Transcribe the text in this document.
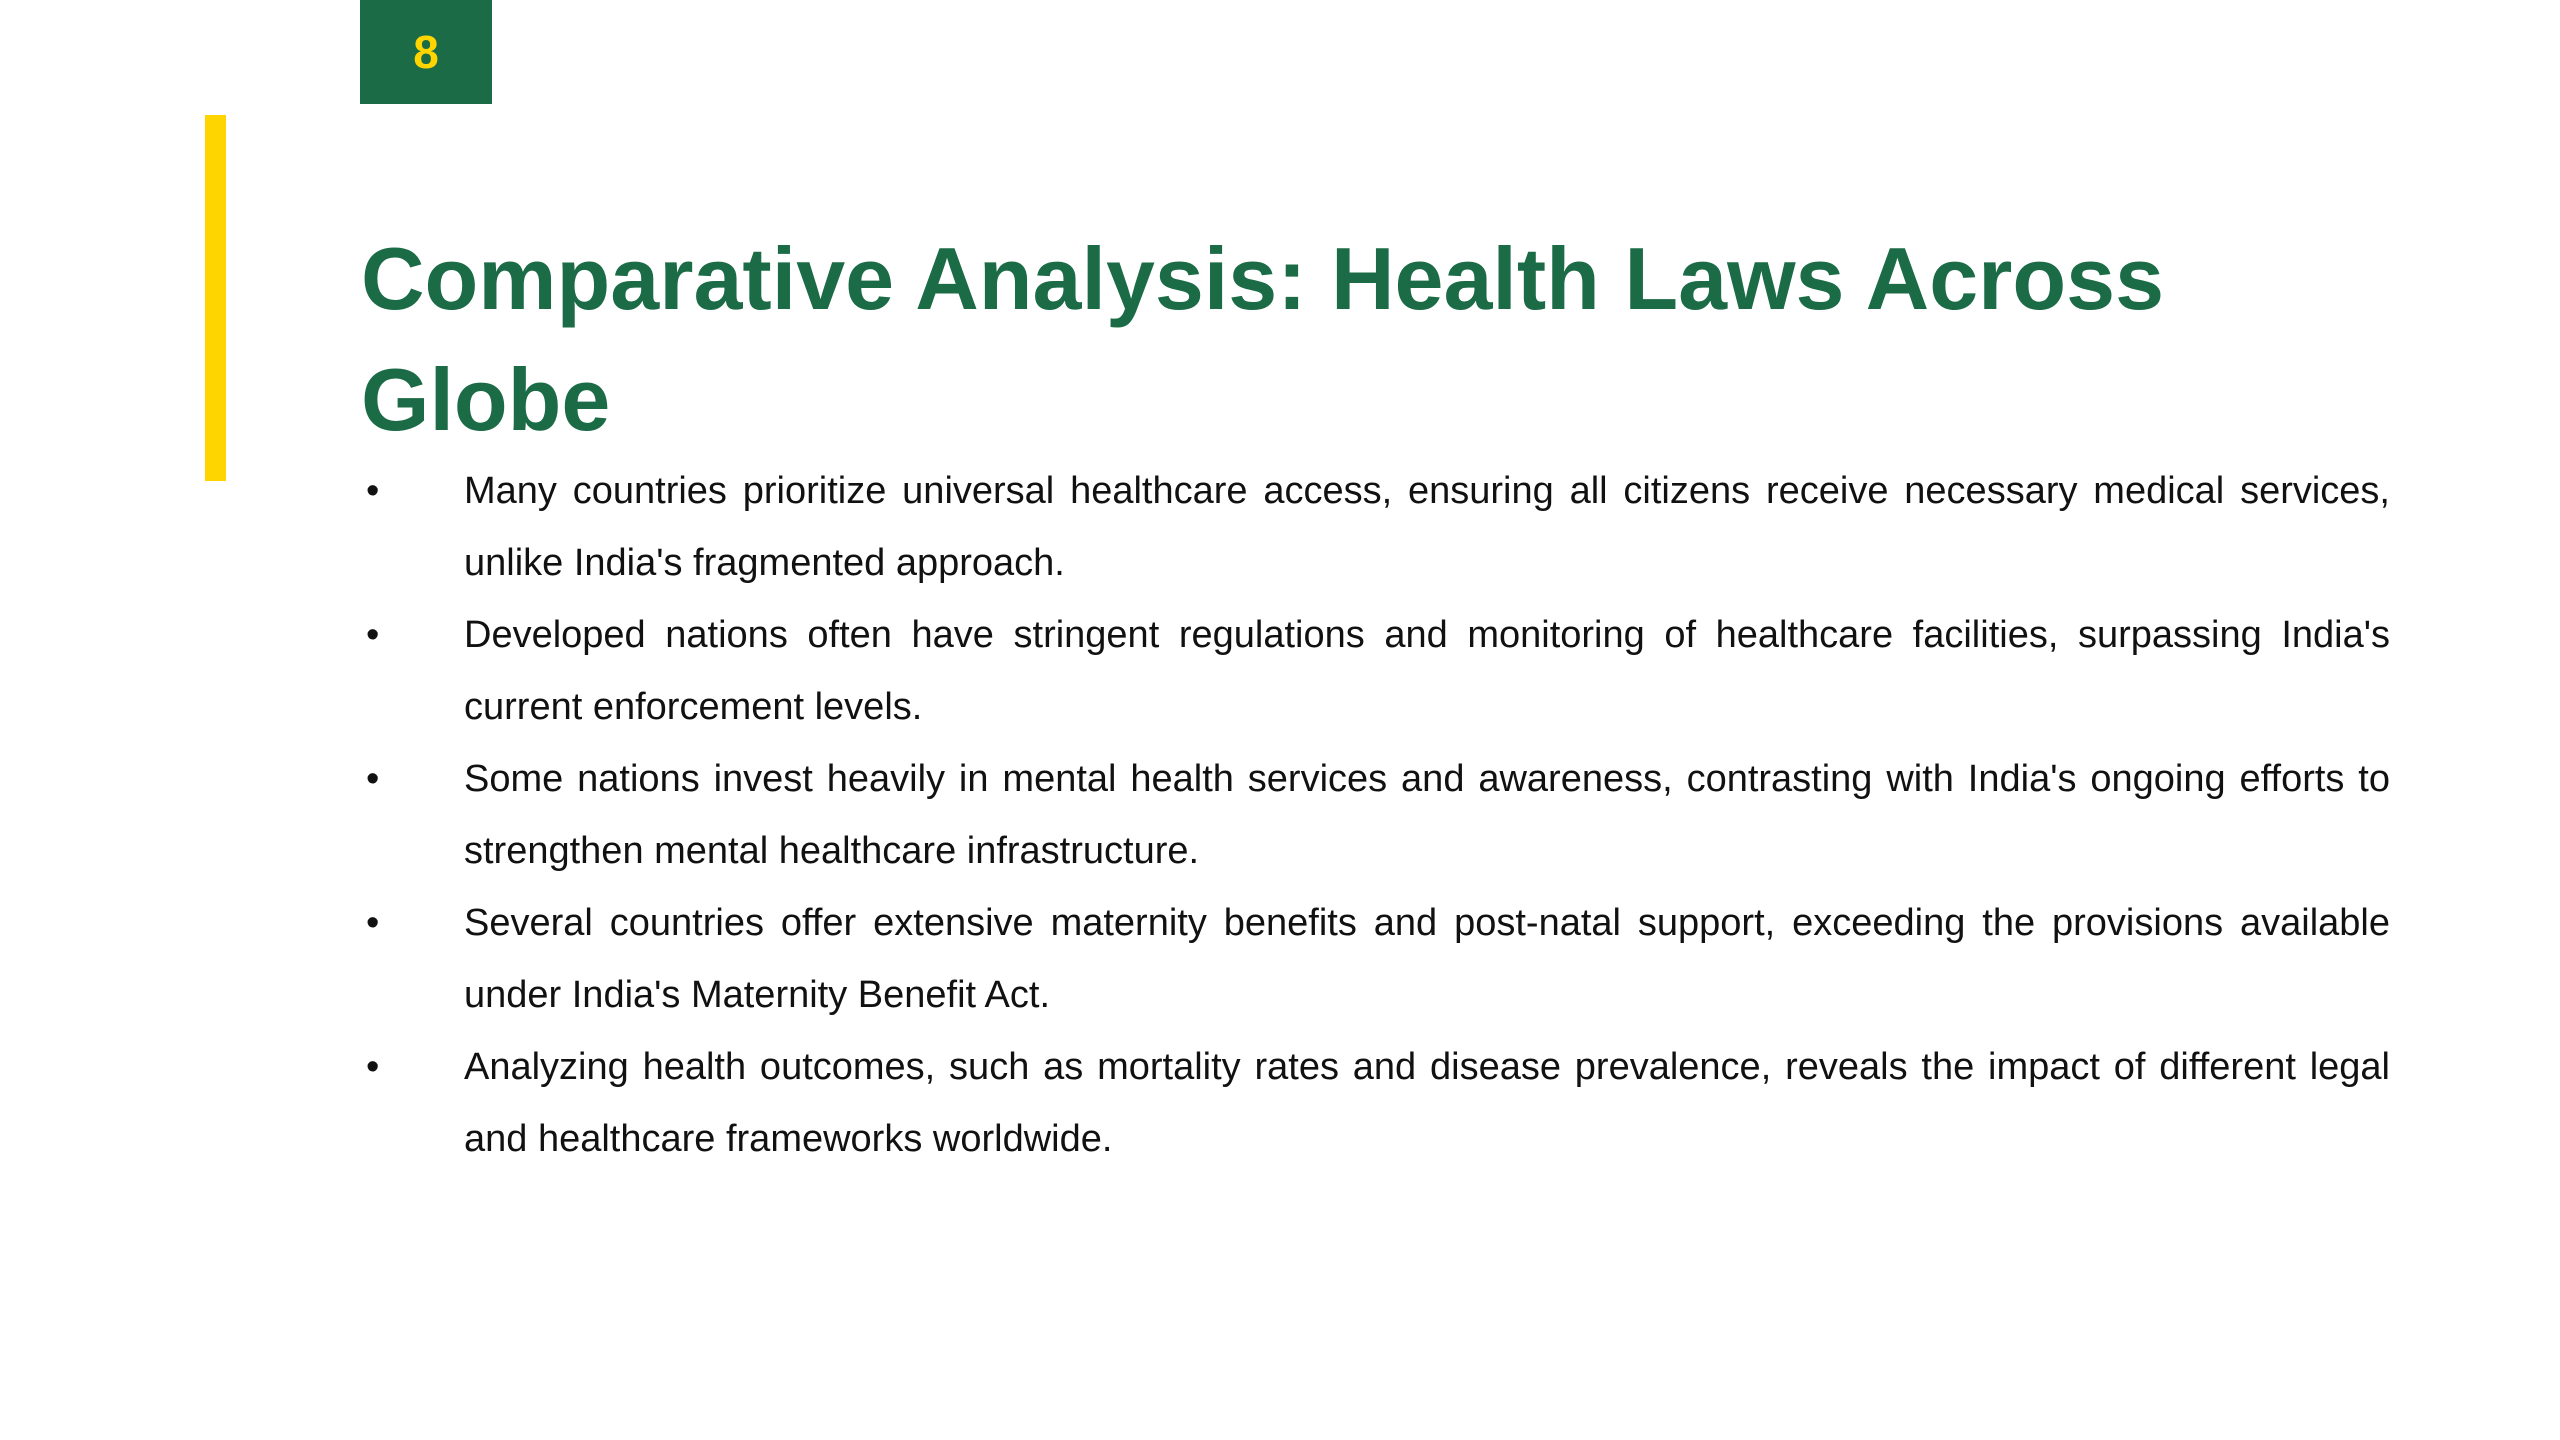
8
Comparative Analysis: Health Laws Across Globe
•	Many countries prioritize universal healthcare access, ensuring all citizens receive necessary medical services, unlike India's fragmented approach.
•	Developed nations often have stringent regulations and monitoring of healthcare facilities, surpassing India's current enforcement levels.
•	Some nations invest heavily in mental health services and awareness, contrasting with India's ongoing efforts to strengthen mental healthcare infrastructure.
•	Several countries offer extensive maternity benefits and post-natal support, exceeding the provisions available under India's Maternity Benefit Act.
•	Analyzing health outcomes, such as mortality rates and disease prevalence, reveals the impact of different legal and healthcare frameworks worldwide.
